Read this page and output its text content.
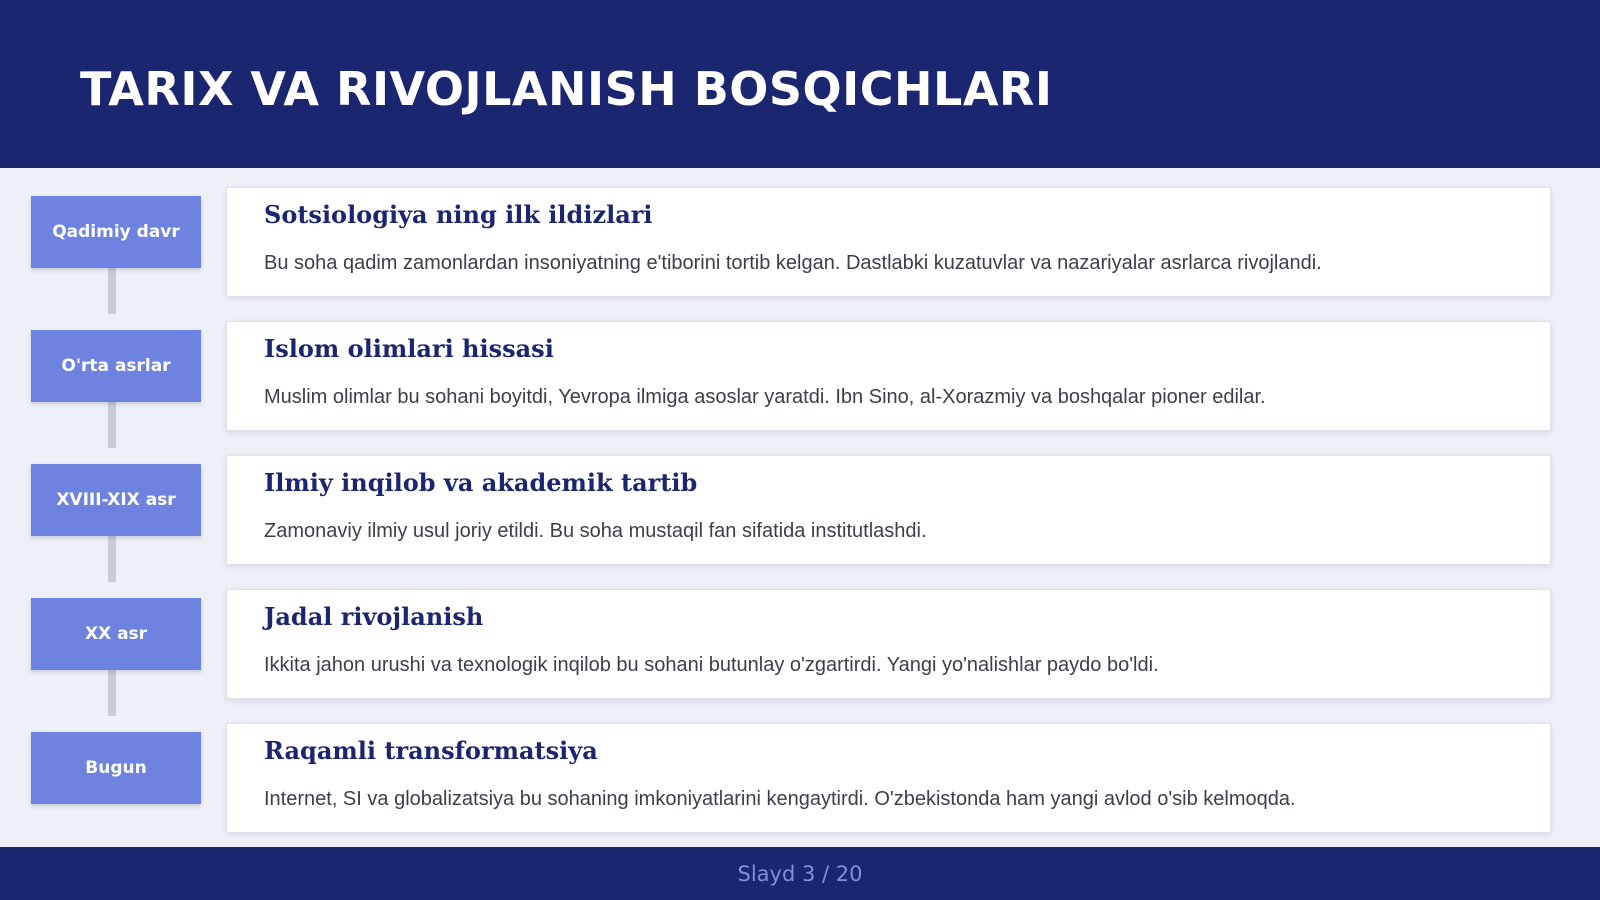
TARIX VA RIVOJLANISH BOSQICHLARI
Qadimiy davr
Sotsiologiya ning ilk ildizlari

Bu soha qadim zamonlardan insoniyatning e'tiborini tortib kelgan. Dastlabki kuzatuvlar va nazariyalar asrlarca rivojlandi.

O'rta asrlar
Islom olimlari hissasi

Muslim olimlar bu sohani boyitdi, Yevropa ilmiga asoslar yaratdi. Ibn Sino, al-Xorazmiy va boshqalar pioner edilar.

XVIII-XIX asr
Ilmiy inqilob va akademik tartib

Zamonaviy ilmiy usul joriy etildi. Bu soha mustaqil fan sifatida institutlashdi.

XX asr
Jadal rivojlanish

Ikkita jahon urushi va texnologik inqilob bu sohani butunlay o'zgartirdi. Yangi yo'nalishlar paydo bo'ldi.

Bugun
Raqamli transformatsiya

Internet, SI va globalizatsiya bu sohaning imkoniyatlarini kengaytirdi. O'zbekistonda ham yangi avlod o'sib kelmoqda.

Slayd 3 / 20
